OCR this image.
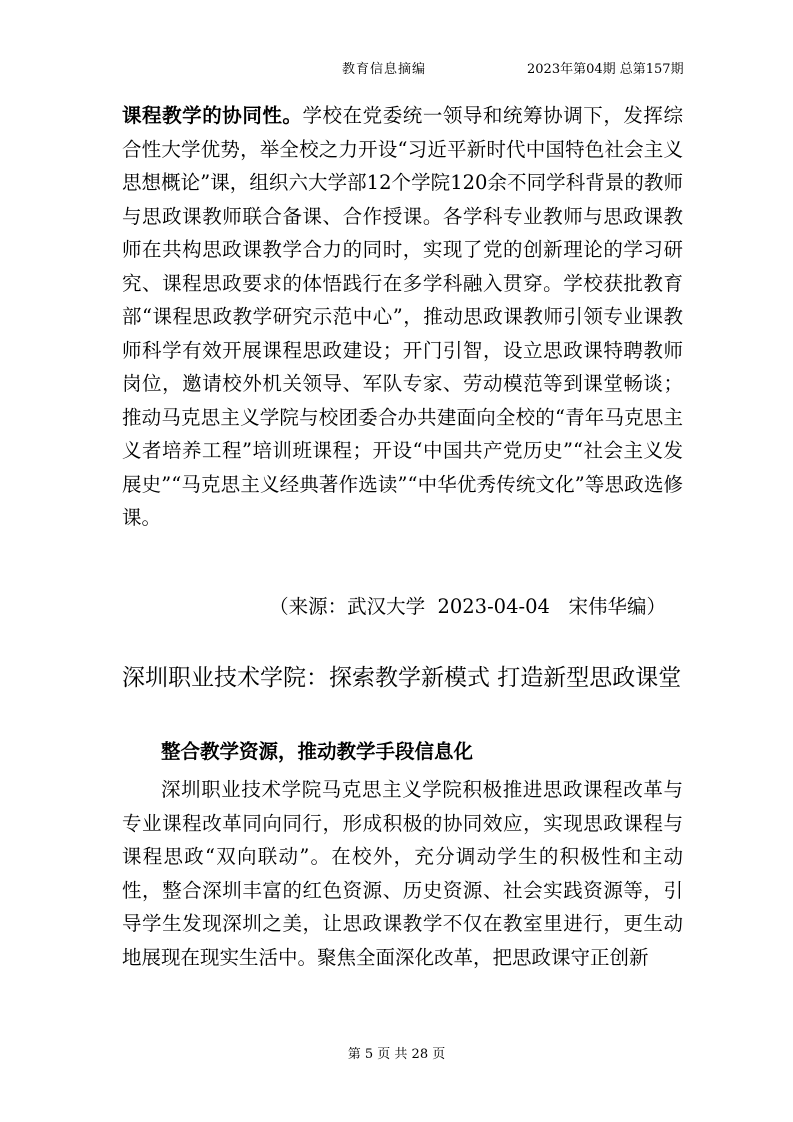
教育信息摘编	2023年第04期 总第157期
课程教学的协同性。学校在党委统一领导和统筹协调下，发挥综合性大学优势，举全校之力开设“习近平新时代中国特色社会主义思想概论”课，组织六大学部12个学院120余不同学科背景的教师与思政课教师联合备课、合作授课。各学科专业教师与思政课教师在共构思政课教学合力的同时，实现了党的创新理论的学习研究、课程思政要求的体悟践行在多学科融入贯穿。学校获批教育部“课程思政教学研究示范中心”，推动思政课教师引领专业课教师科学有效开展课程思政建设；开门引智，设立思政课特聘教师岗位，邀请校外机关领导、军队专家、劳动模范等到课堂畅谈；推动马克思主义学院与校团委合办共建面向全校的“青年马克思主义者培养工程”培训班课程；开设“中国共产党历史”“社会主义发展史”“马克思主义经典著作选读”“中华优秀传统文化”等思政选修课。
（来源：武汉大学  2023-04-04   宋伟华编）
深圳职业技术学院：探索教学新模式 打造新型思政课堂
整合教学资源，推动教学手段信息化
深圳职业技术学院马克思主义学院积极推进思政课程改革与专业课程改革同向同行，形成积极的协同效应，实现思政课程与课程思政“双向联动”。在校外，充分调动学生的积极性和主动性，整合深圳丰富的红色资源、历史资源、社会实践资源等，引导学生发现深圳之美，让思政课教学不仅在教室里进行，更生动地展现在现实生活中。聚焦全面深化改革，把思政课守正创新
第 5 页 共 28 页
